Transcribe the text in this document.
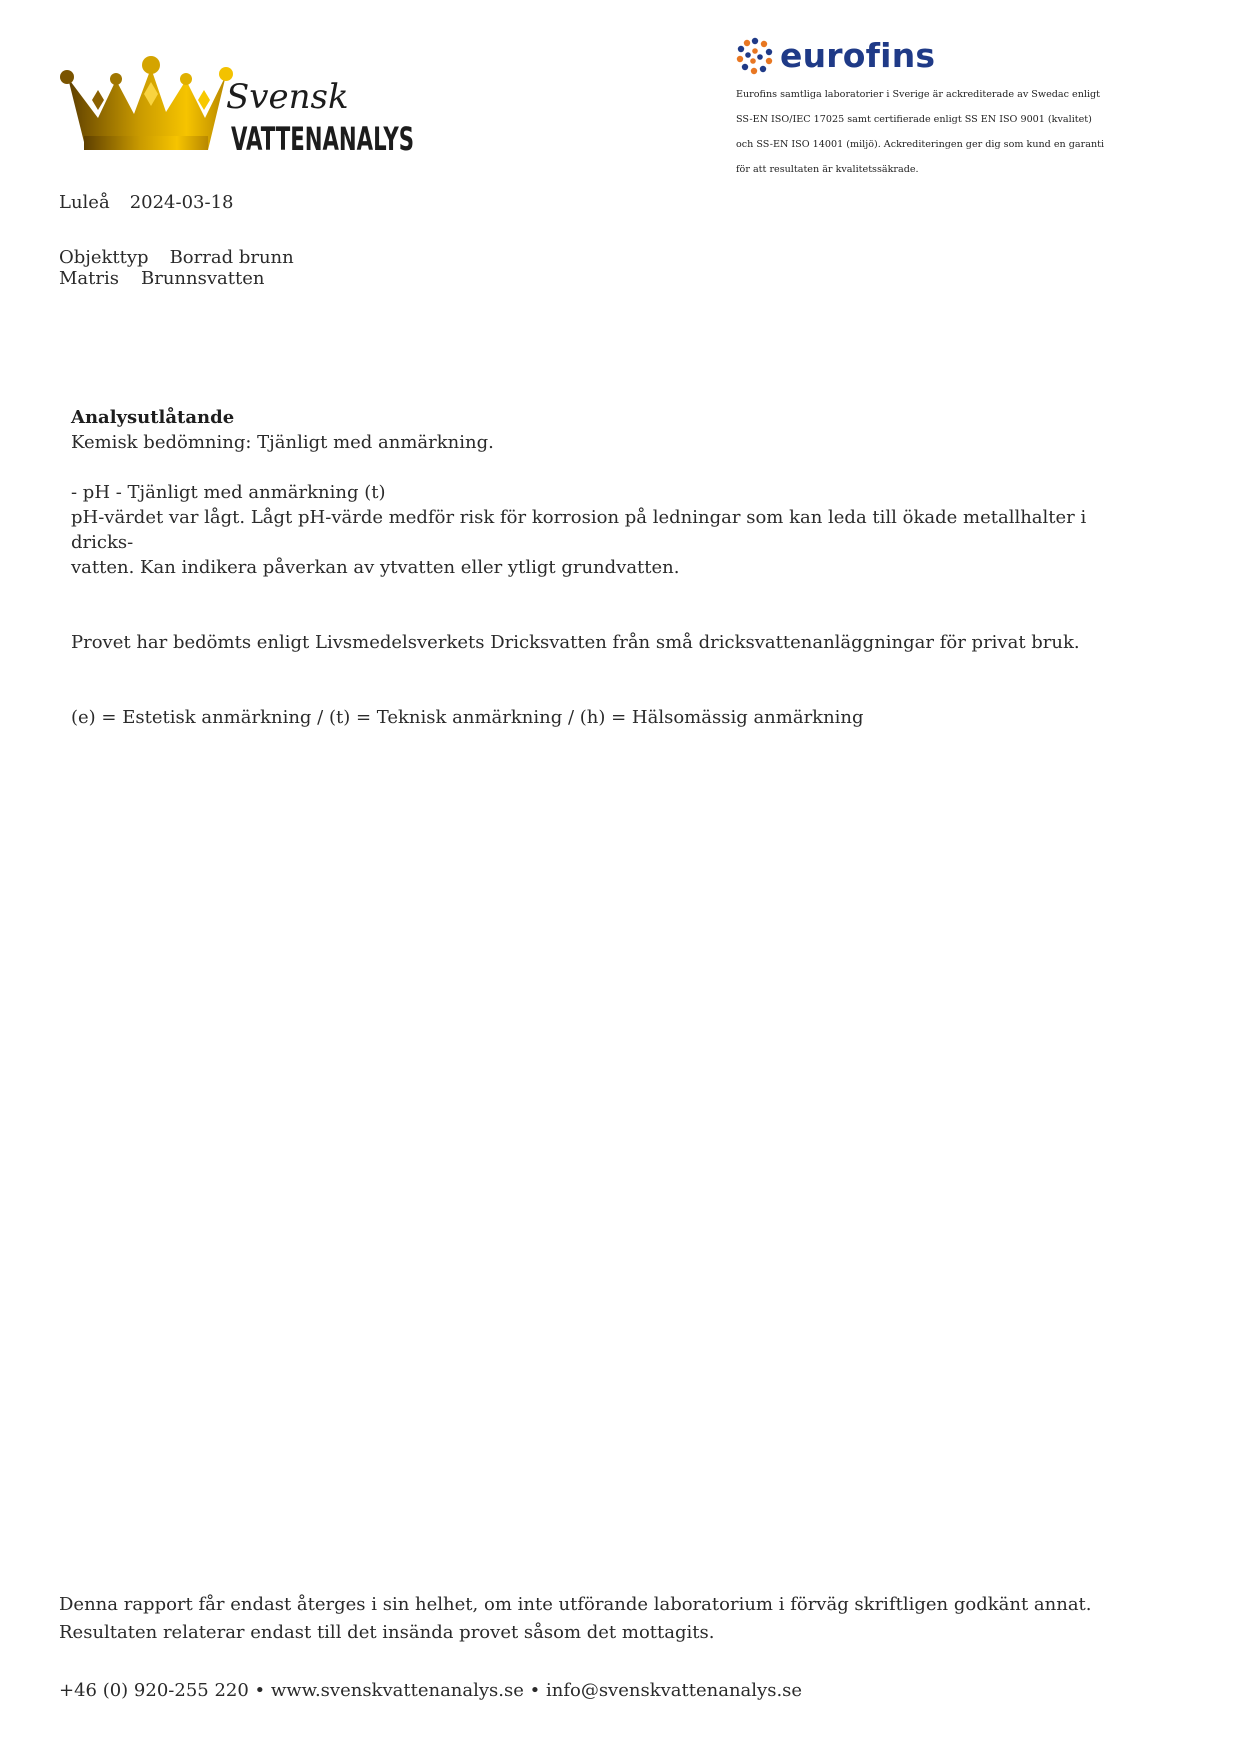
Svensk
VATTENANALYS
eurofins
Eurofins samtliga laboratorier i Sverige är ackrediterade av Swedac enligt
SS-EN ISO/IEC 17025 samt certifierade enligt SS EN ISO 9001 (kvalitet)
och SS-EN ISO 14001 (miljö). Ackrediteringen ger dig som kund en garanti
för att resultaten är kvalitetssäkrade.
Luleå 2024-03-18
Objekttyp Borrad brunn
Matris Brunnsvatten
Analysutlåtande
Kemisk bedömning: Tjänligt med anmärkning.
- pH - Tjänligt med anmärkning (t)
pH-värdet var lågt. Lågt pH-värde medför risk för korrosion på ledningar som kan leda till ökade metallhalter i dricks-
vatten. Kan indikera påverkan av ytvatten eller ytligt grundvatten.
Provet har bedömts enligt Livsmedelsverkets Dricksvatten från små dricksvattenanläggningar för privat bruk.
(e) = Estetisk anmärkning / (t) = Teknisk anmärkning / (h) = Hälsomässig anmärkning
Denna rapport får endast återges i sin helhet, om inte utförande laboratorium i förväg skriftligen godkänt annat.
Resultaten relaterar endast till det insända provet såsom det mottagits.
+46 (0) 920-255 220 • www.svenskvattenanalys.se • info@svenskvattenanalys.se
